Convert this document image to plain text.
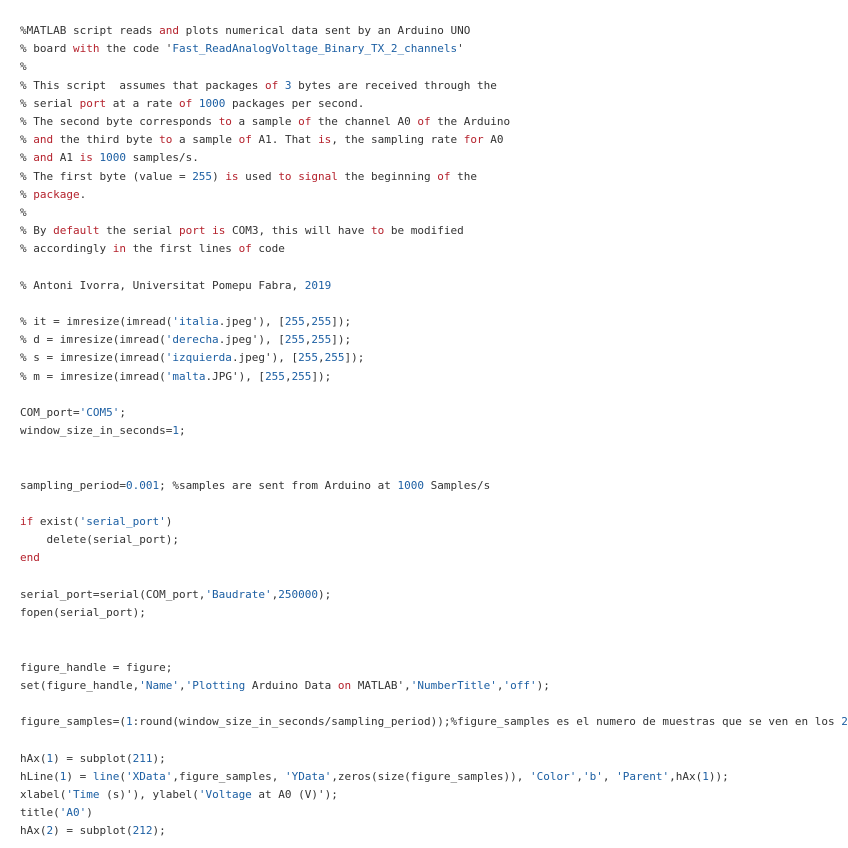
%MATLAB script reads and plots numerical data sent by an Arduino UNO
% board with the code 'Fast_ReadAnalogVoltage_Binary_TX_2_channels'
%
% This script  assumes that packages of 3 bytes are received through the
% serial port at a rate of 1000 packages per second.
% The second byte corresponds to a sample of the channel A0 of the Arduino
% and the third byte to a sample of A1. That is, the sampling rate for A0
% and A1 is 1000 samples/s.
% The first byte (value = 255) is used to signal the beginning of the
% package.
%
% By default the serial port is COM3, this will have to be modified
% accordingly in the first lines of code
% Antoni Ivorra, Universitat Pomepu Fabra, 2019
% it = imresize(imread('italia.jpeg'), [255,255]);
% d = imresize(imread('derecha.jpeg'), [255,255]);
% s = imresize(imread('izquierda.jpeg'), [255,255]);
% m = imresize(imread('malta.JPG'), [255,255]);
COM_port='COM5';
window_size_in_seconds=1;
sampling_period=0.001; %samples are sent from Arduino at 1000 Samples/s
if exist('serial_port')
delete(serial_port);
end
serial_port=serial(COM_port,'Baudrate',250000);
fopen(serial_port);
figure_handle = figure;
set(figure_handle,'Name','Plotting Arduino Data on MATLAB','NumberTitle','off');
figure_samples=(1:round(window_size_in_seconds/sampling_period));%figure_samples es el numero de muestras que se ven en los 2
hAx(1) = subplot(211);
hLine(1) = line('XData',figure_samples, 'YData',zeros(size(figure_samples)), 'Color','b', 'Parent',hAx(1));
xlabel('Time (s)'), ylabel('Voltage at A0 (V)');
title('A0')
hAx(2) = subplot(212);
